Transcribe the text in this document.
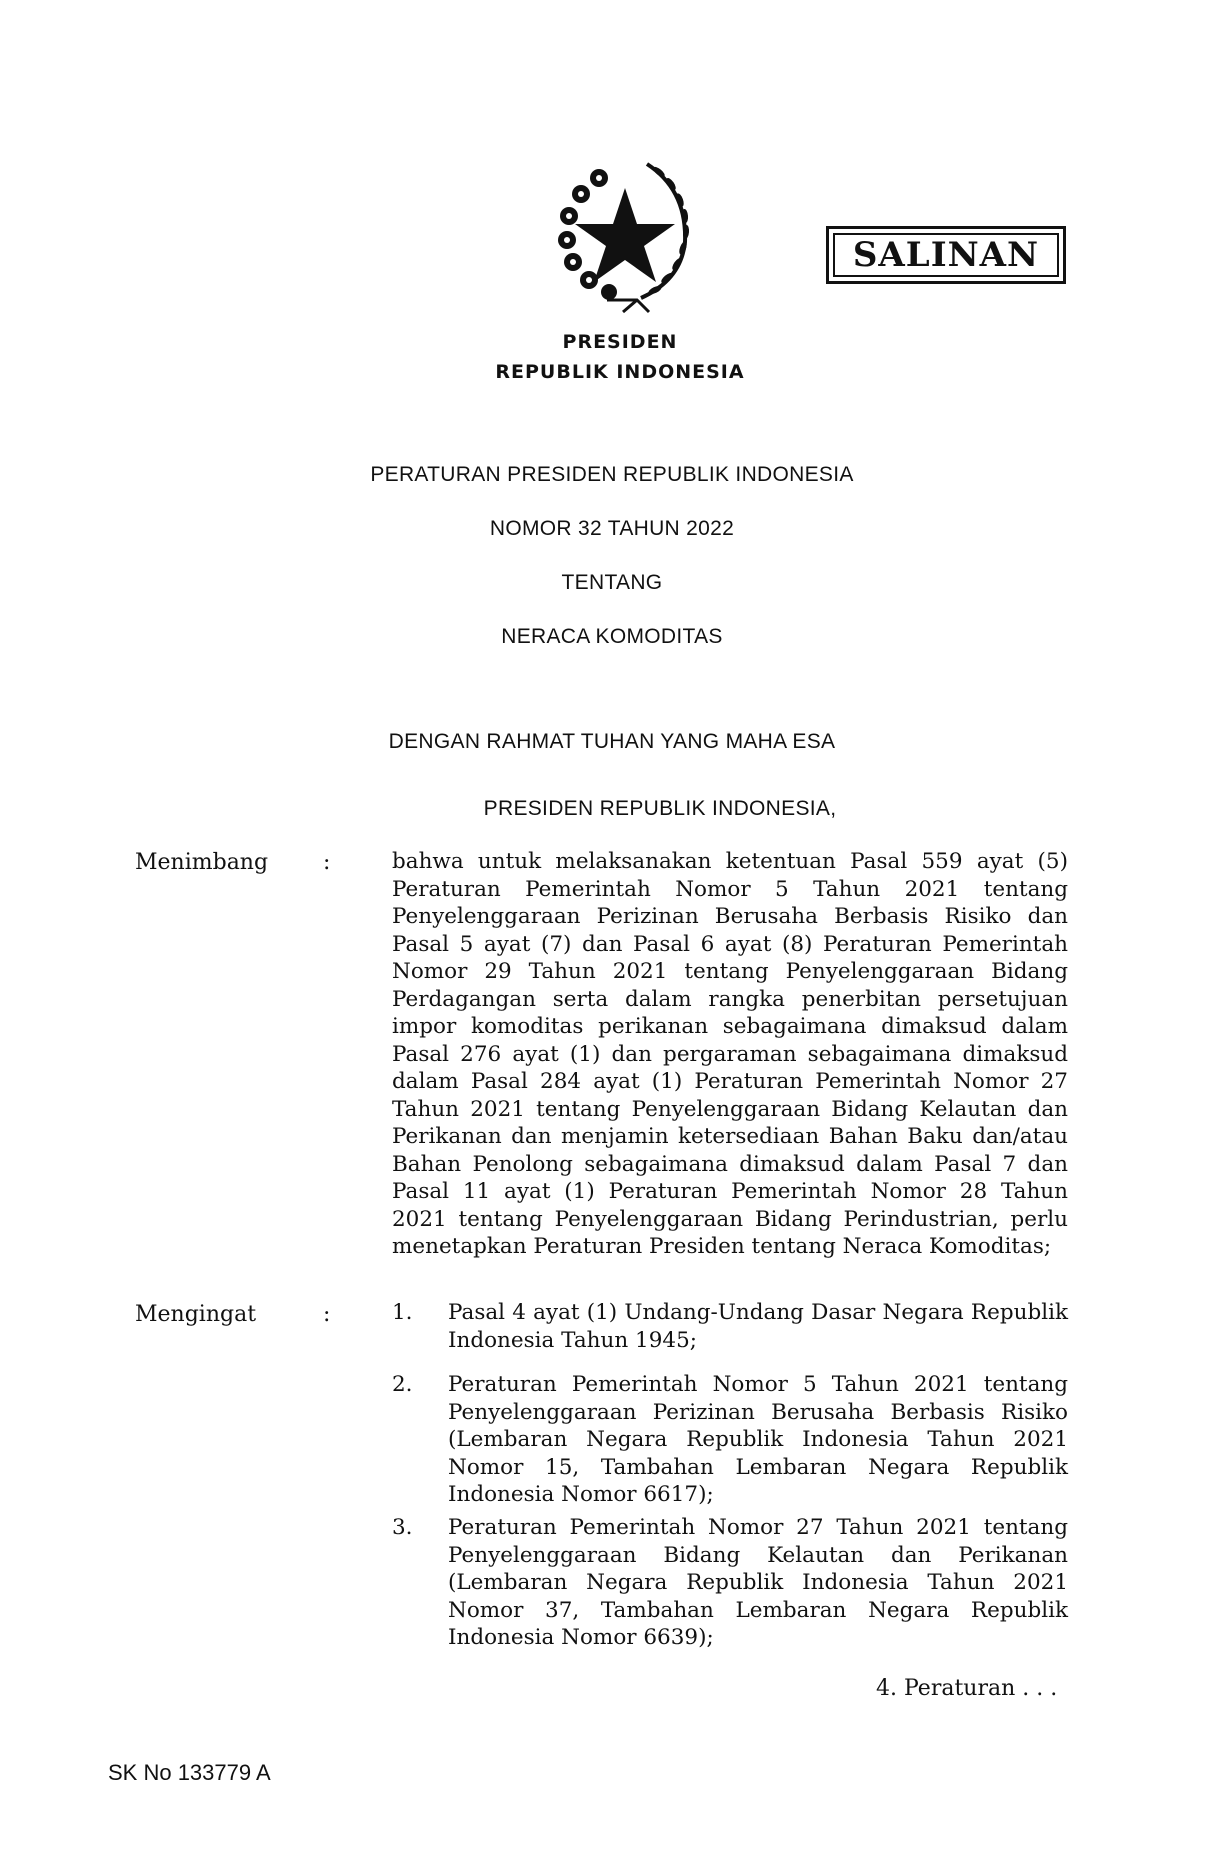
PRESIDEN
REPUBLIK INDONESIA
SALINAN
PERATURAN PRESIDEN REPUBLIK INDONESIA
NOMOR 32 TAHUN 2022
TENTANG
NERACA KOMODITAS
DENGAN RAHMAT TUHAN YANG MAHA ESA
PRESIDEN REPUBLIK INDONESIA,
Menimbang :	bahwa untuk melaksanakan ketentuan Pasal 559 ayat (5) Peraturan Pemerintah Nomor 5 Tahun 2021 tentang Penyelenggaraan Perizinan Berusaha Berbasis Risiko dan Pasal 5 ayat (7) dan Pasal 6 ayat (8) Peraturan Pemerintah Nomor 29 Tahun 2021 tentang Penyelenggaraan Bidang Perdagangan serta dalam rangka penerbitan persetujuan impor komoditas perikanan sebagaimana dimaksud dalam Pasal 276 ayat (1) dan pergaraman sebagaimana dimaksud dalam Pasal 284 ayat (1) Peraturan Pemerintah Nomor 27 Tahun 2021 tentang Penyelenggaraan Bidang Kelautan dan Perikanan dan menjamin ketersediaan Bahan Baku dan/atau Bahan Penolong sebagaimana dimaksud dalam Pasal 7 dan Pasal 11 ayat (1) Peraturan Pemerintah Nomor 28 Tahun 2021 tentang Penyelenggaraan Bidang Perindustrian, perlu menetapkan Peraturan Presiden tentang Neraca Komoditas;

Mengingat	:	1. Pasal 4 ayat (1) Undang-Undang Dasar Negara Republik Indonesia Tahun 1945;

2. Peraturan Pemerintah Nomor 5 Tahun 2021 tentang Penyelenggaraan Perizinan Berusaha Berbasis Risiko (Lembaran Negara Republik Indonesia Tahun 2021 Nomor 15, Tambahan Lembaran Negara Republik Indonesia Nomor 6617);

3. Peraturan Pemerintah Nomor 27 Tahun 2021 tentang Penyelenggaraan Bidang Kelautan dan Perikanan (Lembaran Negara Republik Indonesia Tahun 2021 Nomor 37, Tambahan Lembaran Negara Republik Indonesia Nomor 6639);

4. Peraturan . . .
SK No 133779 A
